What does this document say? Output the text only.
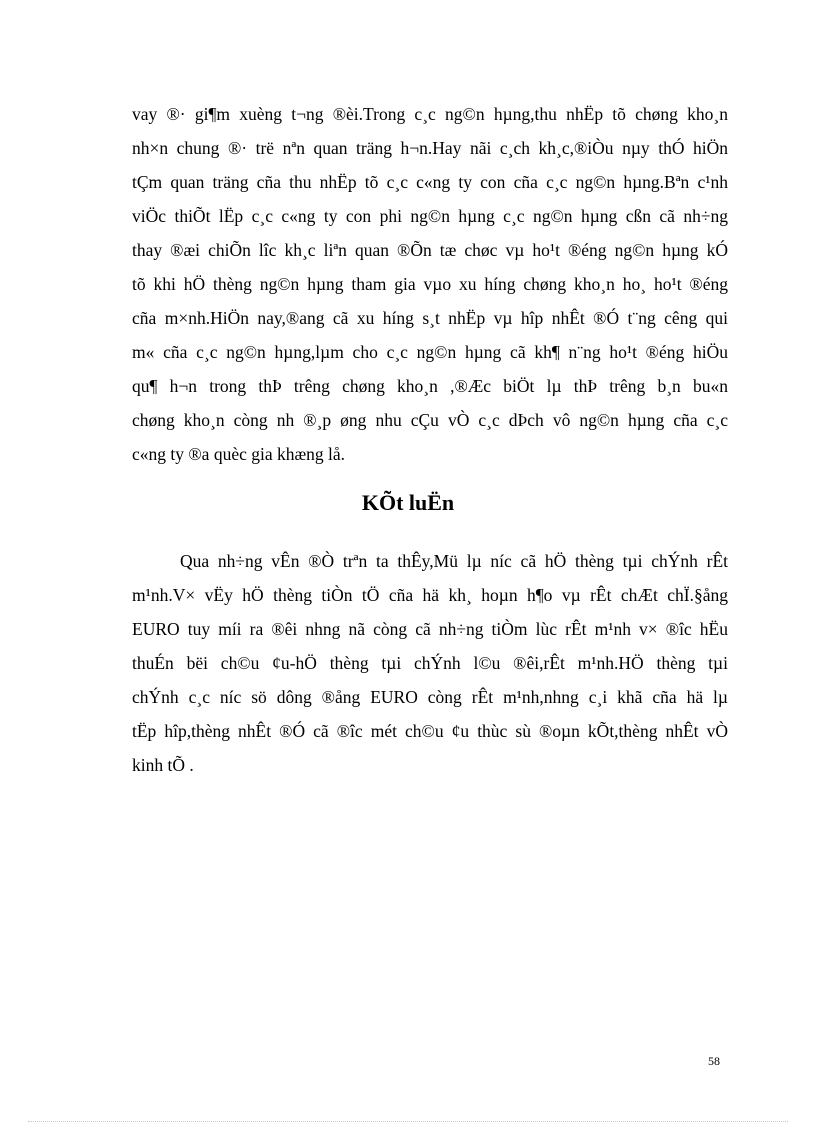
vay ®· gi¶m xuèng t¬ng ®èi.Trong c¸c ng©n hµng,thu nhËp tõ chøng kho¸n
nh×n chung ®· trë nªn quan träng h¬n.Hay nãi c¸ch kh¸c,®iÒu nµy thÓ hiÖn
tÇm quan träng cña thu nhËp tõ c¸c c«ng ty con cña c¸c ng©n hµng.Bªn c¹nh
viÖc thiÕt lËp c¸c c«ng ty con phi ng©n hµng c¸c ng©n hµng cßn cã nh÷ng
thay ®æi chiÕn lîc kh¸c liªn quan ®Õn tæ chøc vµ ho¹t ®éng ng©n hµng kÓ
tõ khi hÖ thèng ng©n hµng tham gia vµo xu híng chøng kho¸n ho¸ ho¹t ®éng
cña m×nh.HiÖn nay,®ang cã xu híng s¸t nhËp vµ hîp nhÊt ®Ó t¨ng cêng qui
m« cña c¸c ng©n hµng,lµm cho c¸c ng©n hµng cã kh¶ n¨ng ho¹t ®éng hiÖu
qu¶ h¬n trong thÞ trêng chøng kho¸n ,®Æc biÖt lµ thÞ trêng b¸n bu«n
chøng kho¸n còng nh ®¸p øng nhu cÇu vÒ c¸c dÞch vô ng©n hµng cña c¸c
c«ng ty ®a quèc gia khæng lå.
KÕt luËn
Qua nh÷ng vÊn ®Ò trªn ta thÊy,Mü lµ níc cã hÖ thèng tµi chÝnh rÊt
m¹nh.V× vËy hÖ thèng tiÒn tÖ cña hä kh¸ hoµn h¶o vµ rÊt chÆt chÏ.§ång
EURO tuy míi ra ®êi nhng nã còng cã nh÷ng tiÒm lùc rÊt m¹nh v× ®îc hËu
thuÉn bëi ch©u ¢u-hÖ thèng tµi chÝnh l©u ®êi,rÊt m¹nh.HÖ thèng tµi
chÝnh c¸c níc sö dông ®ång EURO còng rÊt m¹nh,nhng c¸i khã cña hä lµ
tËp hîp,thèng nhÊt ®Ó cã ®îc mét ch©u ¢u thùc sù ®oµn kÕt,thèng nhÊt vÒ
kinh tÕ .
58
